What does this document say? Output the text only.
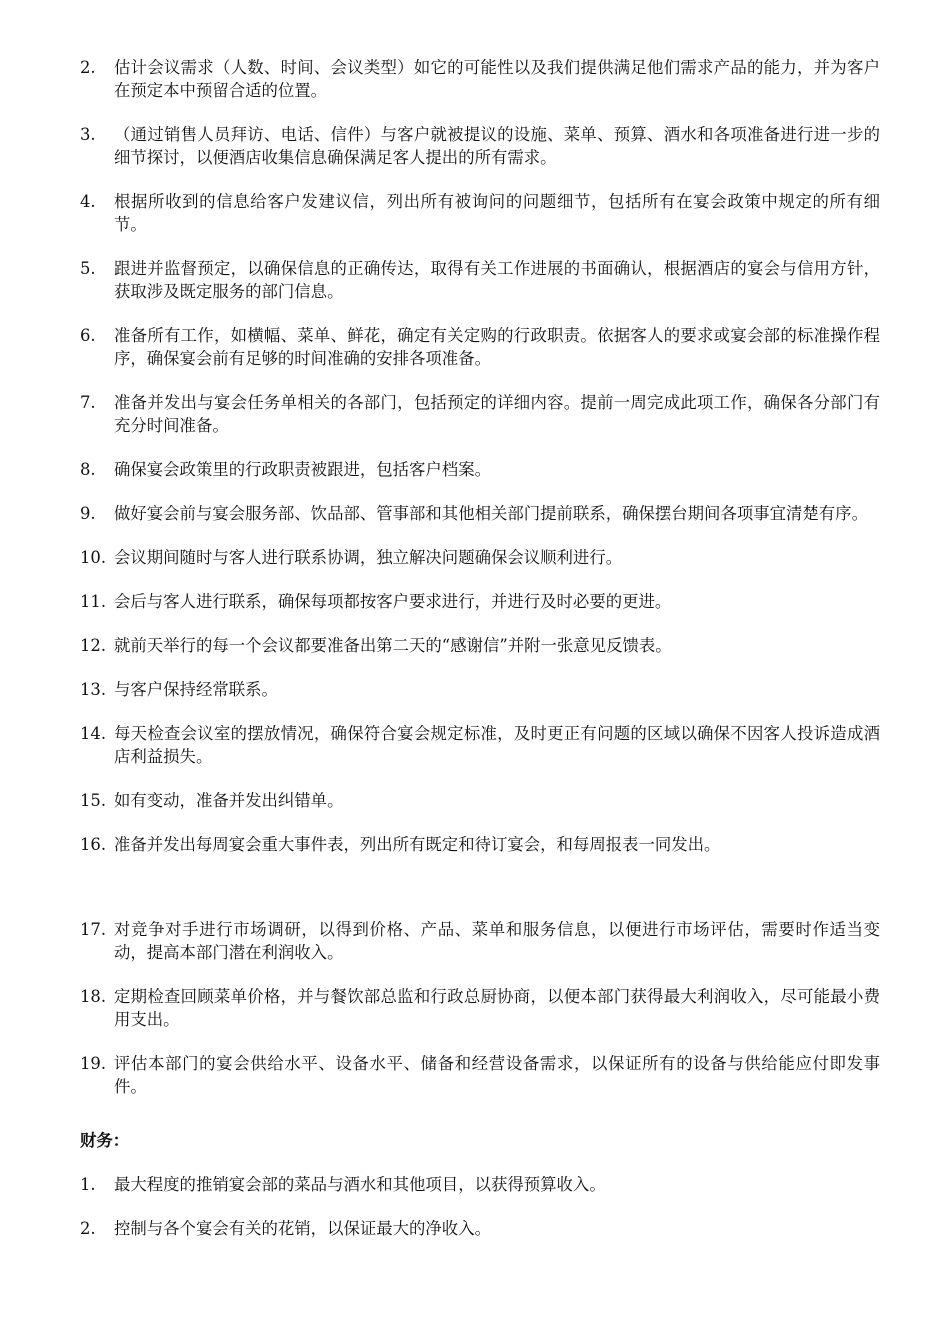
2.	估计会议需求（人数、时间、会议类型）如它的可能性以及我们提供满足他们需求产品的能力，并为客户在预定本中预留合适的位置。
3.	（通过销售人员拜访、电话、信件）与客户就被提议的设施、菜单、预算、酒水和各项准备进行进一步的细节探讨，以便酒店收集信息确保满足客人提出的所有需求。
4.	根据所收到的信息给客户发建议信，列出所有被询问的问题细节，包括所有在宴会政策中规定的所有细节。
5.	跟进并监督预定，以确保信息的正确传达，取得有关工作进展的书面确认，根据酒店的宴会与信用方针，获取涉及既定服务的部门信息。
6.	准备所有工作，如横幅、菜单、鲜花，确定有关定购的行政职责。依据客人的要求或宴会部的标准操作程序，确保宴会前有足够的时间准确的安排各项准备。
7.	准备并发出与宴会任务单相关的各部门，包括预定的详细内容。提前一周完成此项工作，确保各分部门有充分时间准备。
8.	确保宴会政策里的行政职责被跟进，包括客户档案。
9.	做好宴会前与宴会服务部、饮品部、管事部和其他相关部门提前联系，确保摆台期间各项事宜清楚有序。
10. 会议期间随时与客人进行联系协调，独立解决问题确保会议顺利进行。
11. 会后与客人进行联系，确保每项都按客户要求进行，并进行及时必要的更进。
12. 就前天举行的每一个会议都要准备出第二天的“感谢信”并附一张意见反馈表。
13. 与客户保持经常联系。
14. 每天检查会议室的摆放情况，确保符合宴会规定标准，及时更正有问题的区域以确保不因客人投诉造成酒店利益损失。
15. 如有变动，准备并发出纠错单。
16. 准备并发出每周宴会重大事件表，列出所有既定和待订宴会，和每周报表一同发出。
17. 对竞争对手进行市场调研，以得到价格、产品、菜单和服务信息，以便进行市场评估，需要时作适当变动，提高本部门潜在利润收入。
18. 定期检查回顾菜单价格，并与餐饮部总监和行政总厨协商，以便本部门获得最大利润收入，尽可能最小费用支出。
19. 评估本部门的宴会供给水平、设备水平、储备和经营设备需求，以保证所有的设备与供给能应付即发事件。
财务：
1.	最大程度的推销宴会部的菜品与酒水和其他项目，以获得预算收入。
2.	控制与各个宴会有关的花销，以保证最大的净收入。
